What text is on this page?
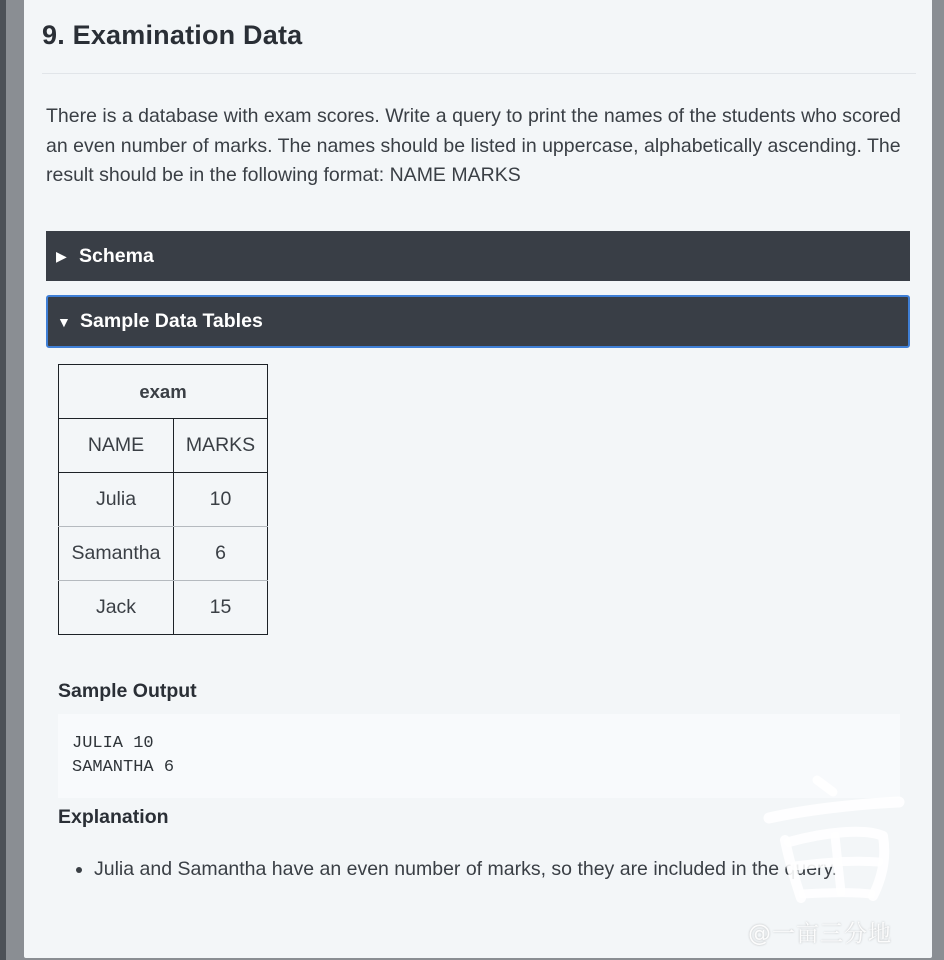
9. Examination Data

There is a database with exam scores. Write a query to print the names of the students who scored an even number of marks. The names should be listed in uppercase, alphabetically ascending. The result should be in the following format: NAME MARKS

▶ Schema
▼ Sample Data Tables
exam	
NAME	MARKS
Julia	10
Samantha	6
Jack	15
Sample Output
JULIA 10
SAMANTHA 6
Explanation
• Julia and Samantha have an even number of marks, so they are included in the query.
@一亩三分地
